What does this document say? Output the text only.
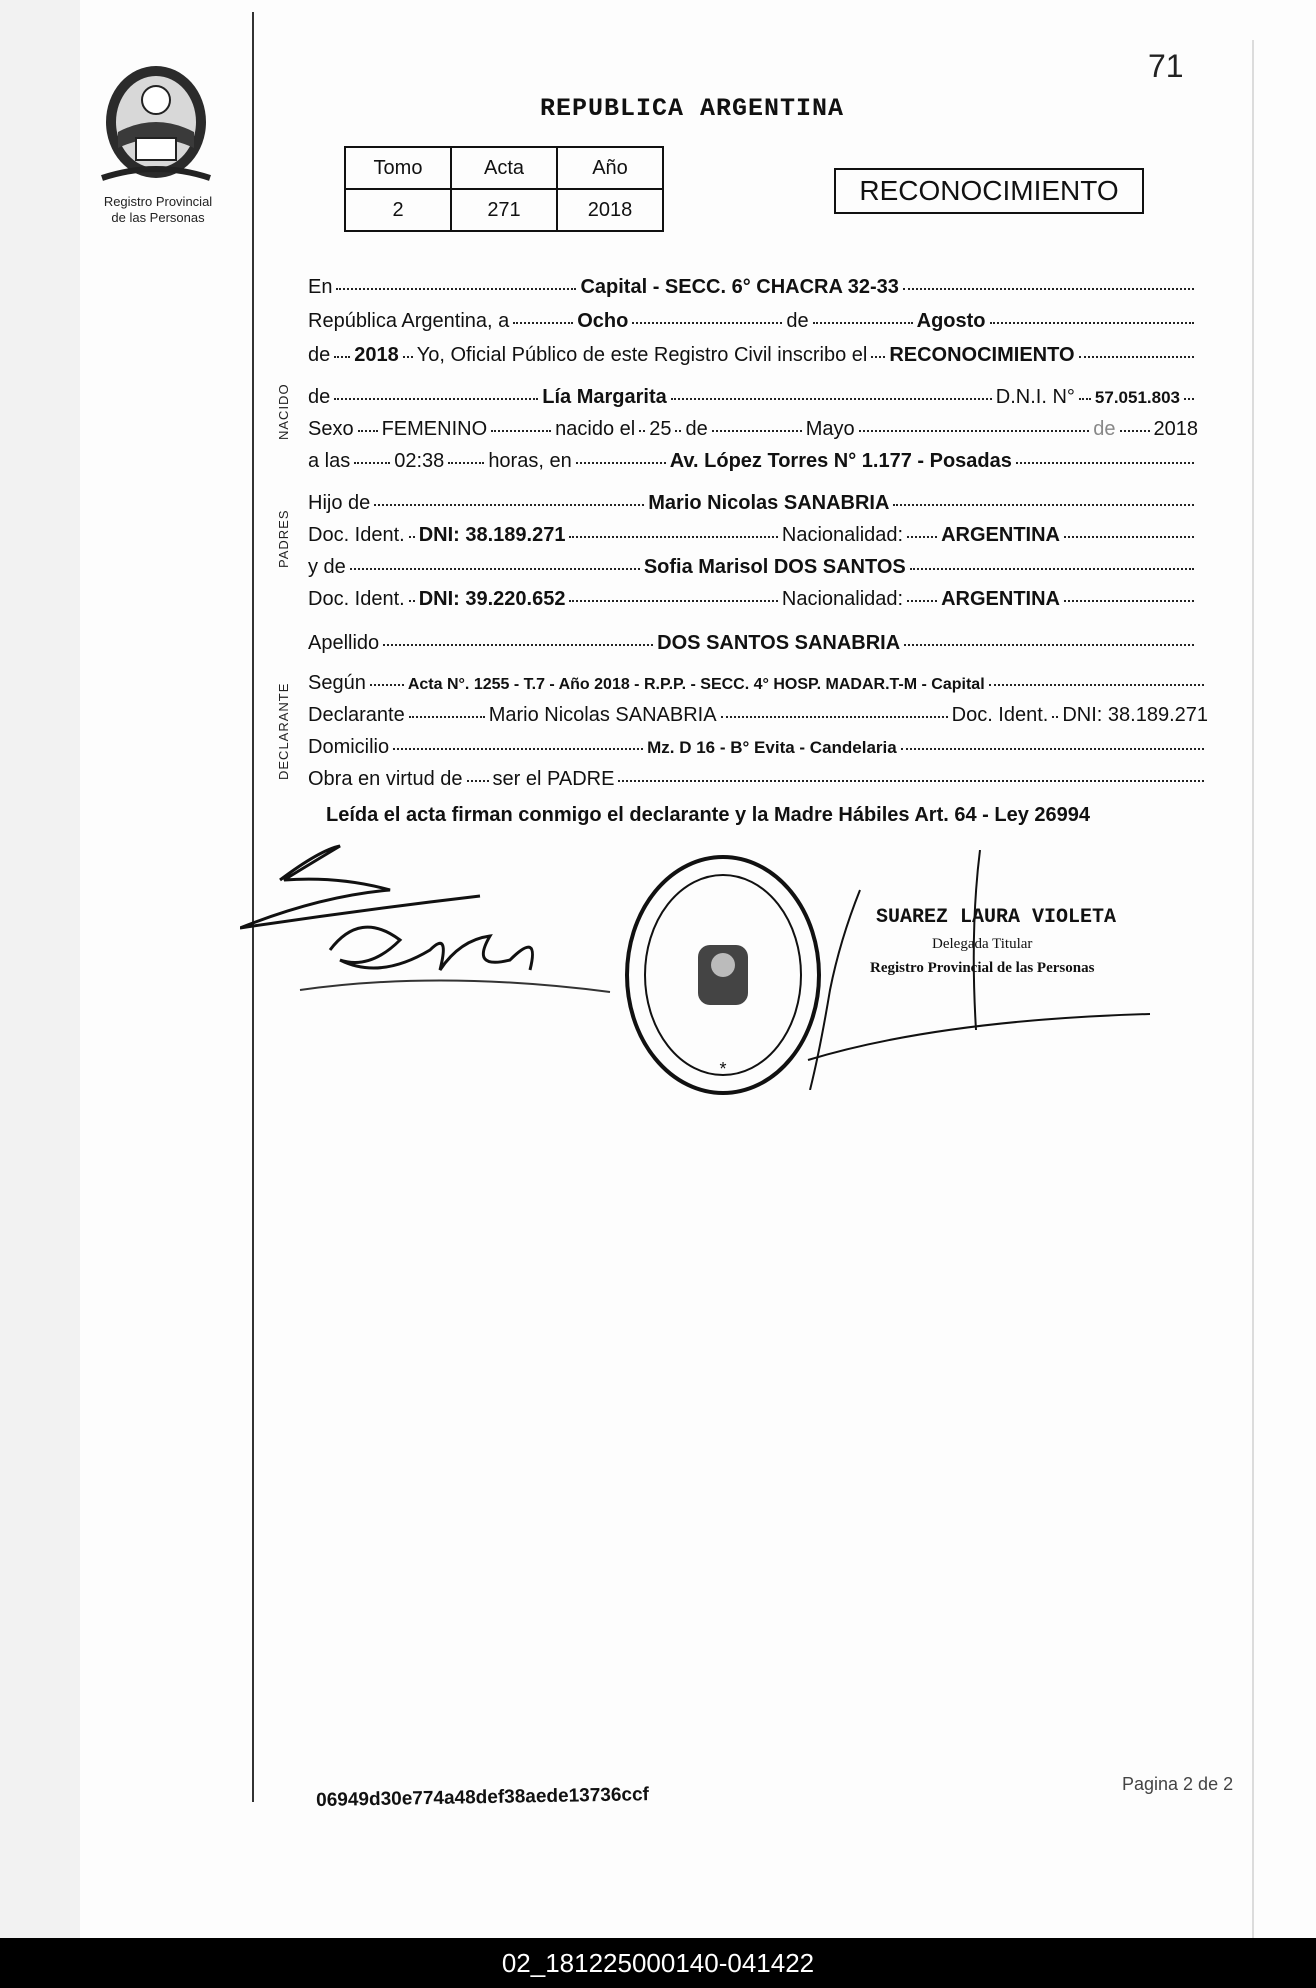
71
Registro Provincial
de las Personas
REPUBLICA ARGENTINA
Tomo	Acta	Año
2	271	2018
RECONOCIMIENTO
NACIDO
PADRES
DECLARANTE
En	Capital - SECC. 6° CHACRA 32-33
República Argentina, a	Ocho	de	Agosto
de 2018 Yo, Oficial Público de este Registro Civil inscribo el RECONOCIMIENTO
de	Lía Margarita	D.N.I. N° 57.051.803
Sexo FEMENINO	nacido el 25 de	Mayo	de 2018
a las 02:38 horas, en	Av. López Torres N° 1.177 - Posadas
Hijo de	Mario Nicolas SANABRIA
Doc. Ident. DNI: 38.189.271	Nacionalidad: ARGENTINA
y de	Sofia Marisol DOS SANTOS
Doc. Ident. DNI: 39.220.652	Nacionalidad: ARGENTINA
Apellido	DOS SANTOS SANABRIA
Según	Acta N°. 1255 - T.7 - Año 2018 - R.P.P. - SECC. 4° HOSP. MADAR.T-M - Capital
Declarante	Mario Nicolas SANABRIA	Doc. Ident. DNI: 38.189.271
Domicilio	Mz. D 16 - B° Evita - Candelaria
Obra en virtud de ser el PADRE
Leída el acta firman conmigo el declarante y la Madre Hábiles Art. 64 - Ley 26994
*
SUAREZ LAURA VIOLETA
Delegada Titular
Registro Provincial de las Personas
06949d30e774a48def38aede13736ccf
Pagina 2 de 2
02_181225000140-041422
